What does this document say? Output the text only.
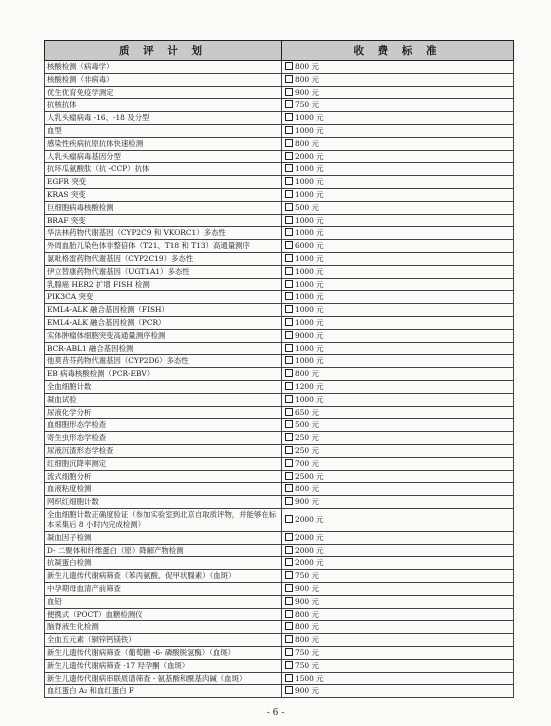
质 评 计 划	收 费 标 准
核酸检测（病毒学）	800 元
核酸检测（非病毒）	800 元
优生优育免疫学测定	900 元
抗核抗体	750 元
人乳头瘤病毒 -16、-18 及分型	1000 元
血型	1000 元
感染性疾病抗原抗体快速检测	800 元
人乳头瘤病毒基因分型	2000 元
抗环瓜氨酸肽（抗 -CCP）抗体	1000 元
EGFR 突变	1000 元
KRAS 突变	1000 元
巨细胞病毒核酸检测	500 元
BRAF 突变	1000 元
华法林药物代谢基因（CYP2C9 和 VKORC1）多态性	1000 元
外周血胎儿染色体非整倍体（T21、T18 和 T13）高通量测序	6000 元
氯吡格雷药物代谢基因（CYP2C19）多态性	1000 元
伊立替康药物代谢基因（UGT1A1）多态性	1000 元
乳腺癌 HER2 扩增 FISH 检测	1000 元
PIK3CA 突变	1000 元
EML4-ALK 融合基因检测（FISH）	1000 元
EML4-ALK 融合基因检测（PCR）	1000 元
实体肿瘤体细胞突变高通量测序检测	9000 元
BCR-ABL1 融合基因检测	1000 元
他莫昔芬药物代谢基因（CYP2D6）多态性	1000 元
EB 病毒核酸检测（PCR-EBV）	800 元
全血细胞计数	1200 元
凝血试验	1000 元
尿液化学分析	650 元
血细胞形态学检查	500 元
寄生虫形态学检查	250 元
尿液沉渣形态学检查	250 元
红细胞沉降率测定	700 元
流式细胞分析	2500 元
血液粘度检测	800 元
网织红细胞计数	900 元
全血细胞计数正确度验证（参加实验室到北京自取质评物，并能够在标本采集后 8 小时内完成检测）	2000 元
凝血因子检测	2000 元
D- 二聚体和纤维蛋白（原）降解产物检测	2000 元
抗凝蛋白检测	2000 元
新生儿遗传代谢病筛查（苯丙氨酸、促甲状腺素）（血斑）	750 元
中孕期母血清产前筛查	900 元
血铅	900 元
便携式（POCT）血糖检测仪	800 元
脑脊液生化检测	800 元
全血五元素（铜锌钙镁铁）	800 元
新生儿遗传代谢病筛查（葡萄糖 -6- 磷酸脱氢酶）（血斑）	750 元
新生儿遗传代谢病筛查 -17 羟孕酮（血斑）	750 元
新生儿遗传代谢病串联质谱筛查 - 氨基酸和酰基肉碱（血斑）	1500 元
血红蛋白 A₂ 和血红蛋白 F	900 元
- 6 -
